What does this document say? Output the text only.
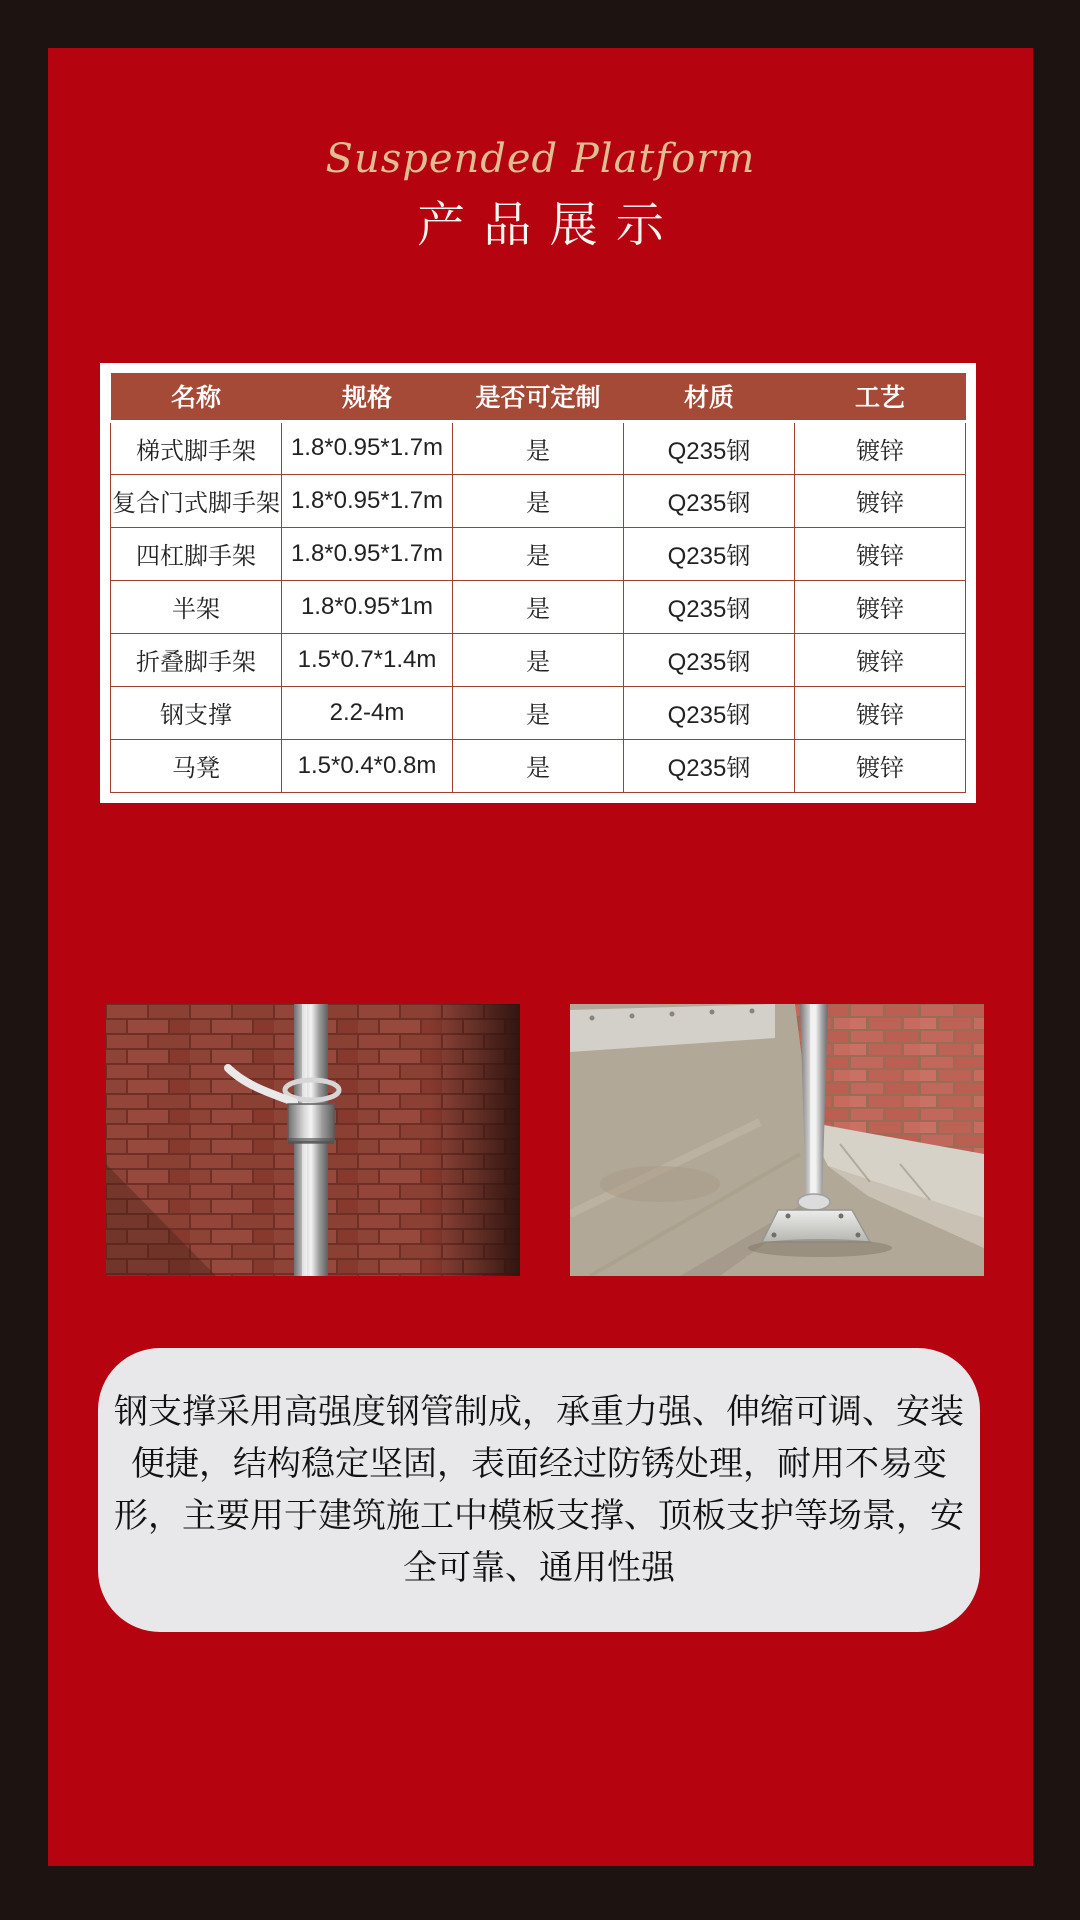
Suspended Platform
产品展示
名称	规格	是否可定制	材质	工艺
梯式脚手架	1.8*0.95*1.7m	是	Q235钢	镀锌
复合门式脚手架	1.8*0.95*1.7m	是	Q235钢	镀锌
四杠脚手架	1.8*0.95*1.7m	是	Q235钢	镀锌
半架	1.8*0.95*1m	是	Q235钢	镀锌
折叠脚手架	1.5*0.7*1.4m	是	Q235钢	镀锌
钢支撑	2.2-4m	是	Q235钢	镀锌
马凳	1.5*0.4*0.8m	是	Q235钢	镀锌
钢支撑采用高强度钢管制成，承重力强、伸缩可调、安装
便捷，结构稳定坚固，表面经过防锈处理，耐用不易变
形，主要用于建筑施工中模板支撑、顶板支护等场景，安
全可靠、通用性强
